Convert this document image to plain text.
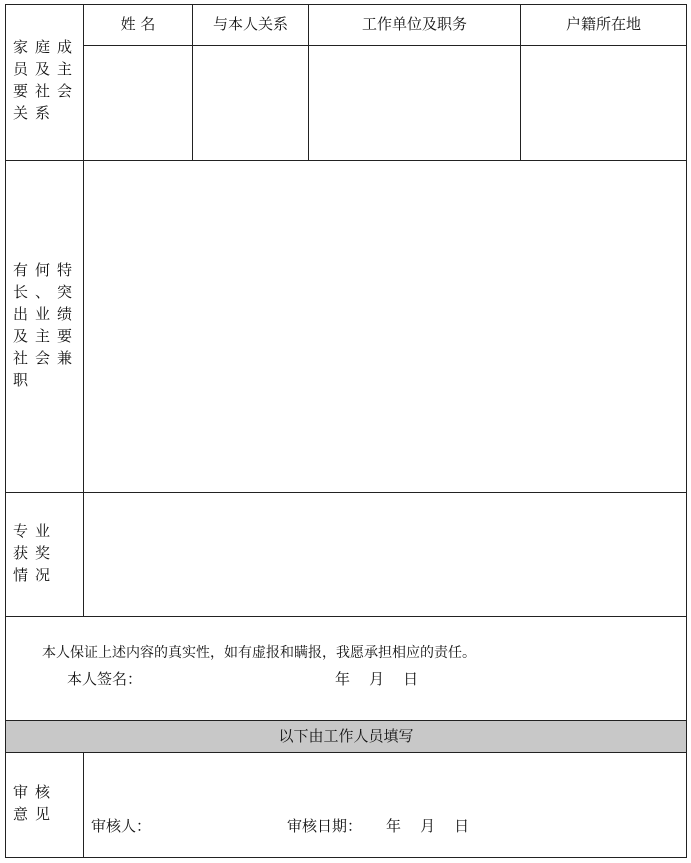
家庭成员及主要社会关系
姓 名	与本人关系	工作单位及职务	户籍所在地
有何特长、突出业绩及主要社会兼职
专业获奖情况
本人保证上述内容的真实性，如有虚报和瞒报，我愿承担相应的责任。
本人签名：	年    月    日
以下由工作人员填写
审核意见
审核人：	审核日期： 年    月    日
